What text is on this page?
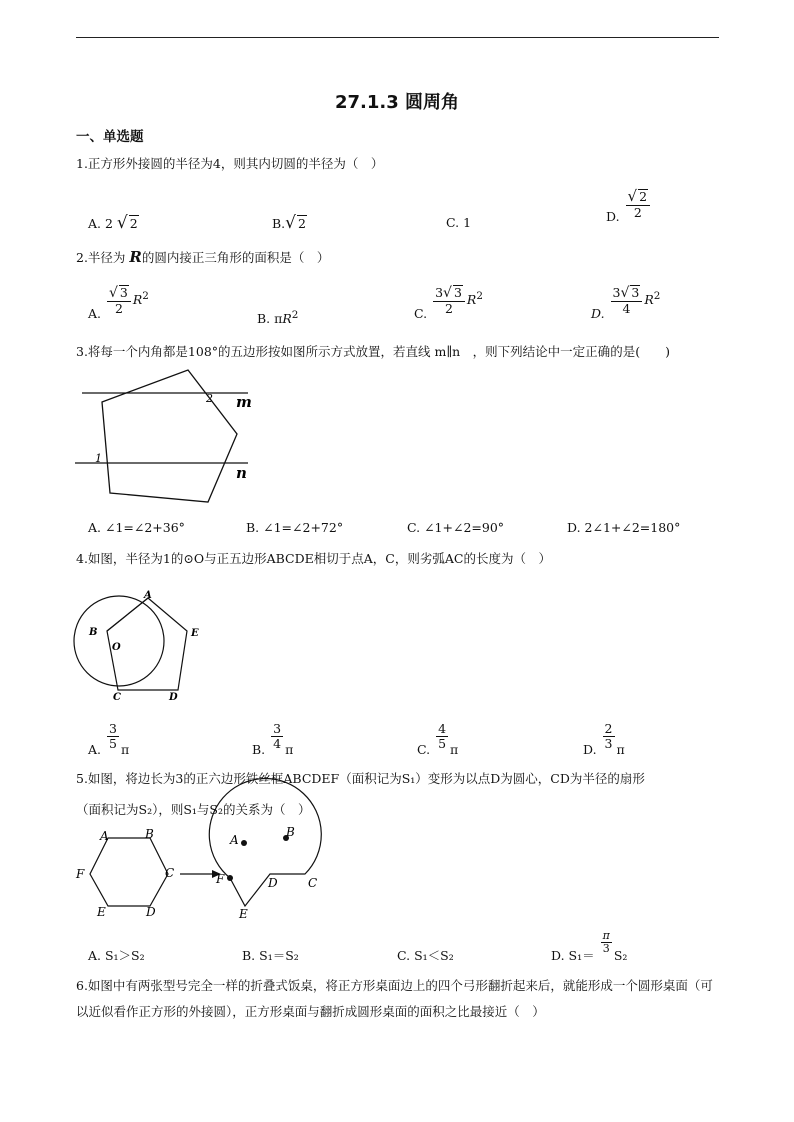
27.1.3 圆周角
一、单选题
1.正方形外接圆的半径为4，则其内切圆的半径为（　）
A. 2 √ 2	B.√ 2	C. 1	D. $\frac{√ 2}{2}$
2.半径为 R的圆内接正三角形的面积是（　）
A. $\frac{√ 3}{2} R^2$
B. $\pi R^2$	C. $\frac{3√ 3}{2} R^2$
D. $\frac{3√ 3}{4} R^2$
3.将每一个内角都是108°的五边形按如图所示方式放置，若直线 m∥n　，则下列结论中一定正确的是(　　)
m
n
1
2
A. ∠1=∠2+36°	B. ∠1=∠2+72°	C. ∠1+∠2=90°	D. 2∠1+∠2=180°
4.如图，半径为1的⊙O与正五边形ABCDE相切于点A，C，则劣弧AC的长度为（　）
A
B
C	D
E
O
A. $\frac{3}{5}$ π	B. $\frac{3}{4}$ π	C. $\frac{4}{5}$ π	D. $\frac{2}{3}$ π
5.如图，将边长为3的正六边形铁丝框ABCDEF（面积记为S₁）变形为以点D为圆心，CD为半径的扇形
（面积记为S₂），则S₁与S₂的关系为（　）
A	B
C
D
E
F
A
B
C
D
E
F
A. S₁＞S₂	B. S₁＝S₂	C. S₁＜S₂	D. S₁＝
$\frac{\pi}{3}$
S₂
6.如图中有两张型号完全一样的折叠式饭桌，将正方形桌面边上的四个弓形翻折起来后，就能形成一个圆形桌面（可以近似看作正方形的外接圆），正方形桌面与翻折成圆形桌面的面积之比最接近（　）
